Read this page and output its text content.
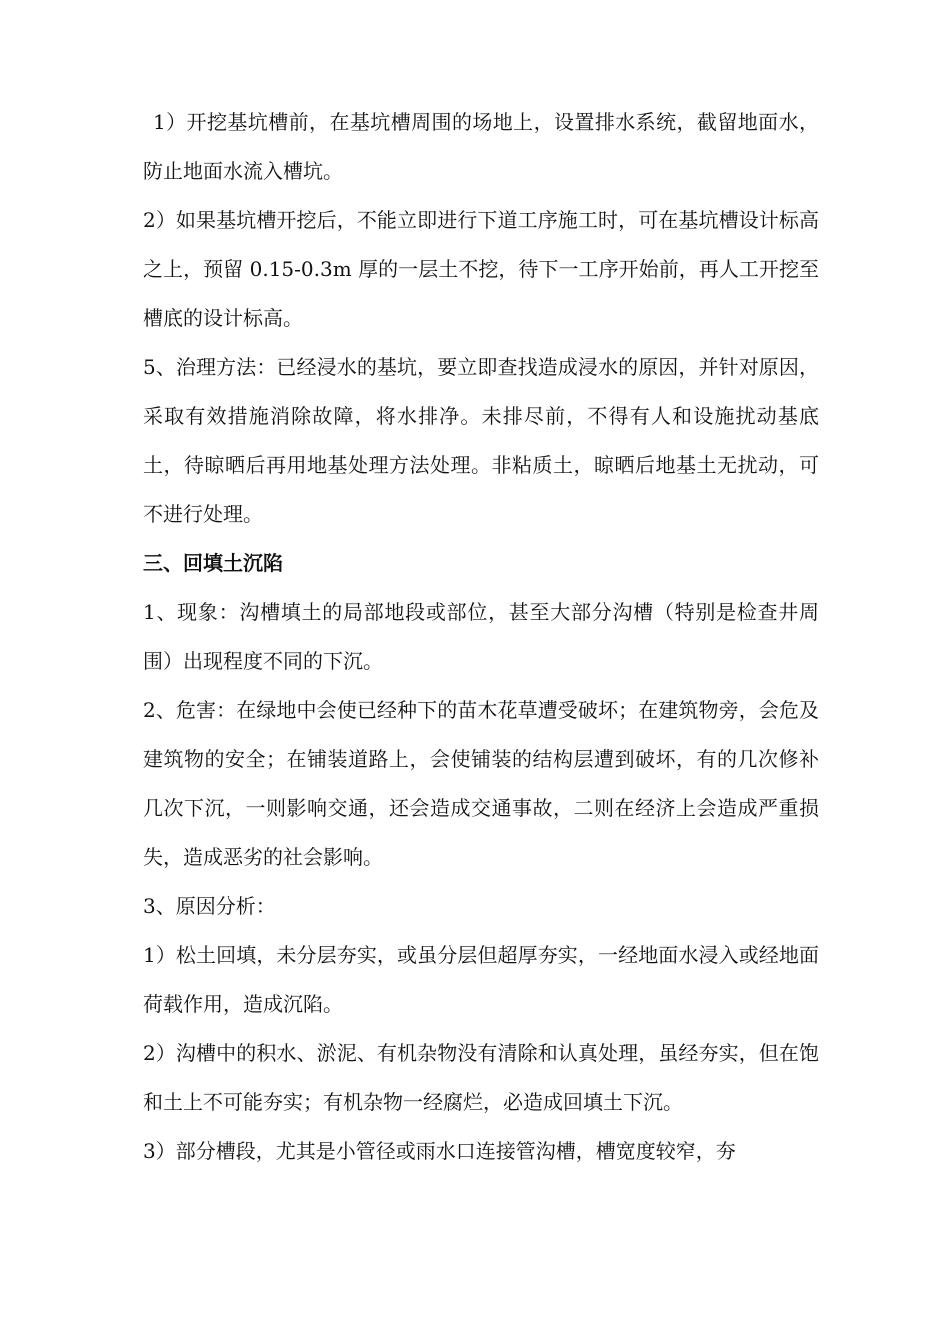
1）开挖基坑槽前，在基坑槽周围的场地上，设置排水系统，截留地面水，防止地面水流入槽坑。

2）如果基坑槽开挖后，不能立即进行下道工序施工时，可在基坑槽设计标高之上，预留 0.15-0.3m 厚的一层土不挖，待下一工序开始前，再人工开挖至槽底的设计标高。

5、治理方法：已经浸水的基坑，要立即查找造成浸水的原因，并针对原因，采取有效措施消除故障，将水排净。未排尽前，不得有人和设施扰动基底土，待晾晒后再用地基处理方法处理。非粘质土，晾晒后地基土无扰动，可不进行处理。

三、回填土沉陷

1、现象：沟槽填土的局部地段或部位，甚至大部分沟槽（特别是检查井周围）出现程度不同的下沉。

2、危害：在绿地中会使已经种下的苗木花草遭受破坏；在建筑物旁，会危及建筑物的安全；在铺装道路上，会使铺装的结构层遭到破坏，有的几次修补几次下沉，一则影响交通，还会造成交通事故，二则在经济上会造成严重损失，造成恶劣的社会影响。

3、原因分析：

1）松土回填，未分层夯实，或虽分层但超厚夯实，一经地面水浸入或经地面荷载作用，造成沉陷。

2）沟槽中的积水、淤泥、有机杂物没有清除和认真处理，虽经夯实，但在饱和土上不可能夯实；有机杂物一经腐烂，必造成回填土下沉。

3）部分槽段，尤其是小管径或雨水口连接管沟槽，槽宽度较窄，夯
